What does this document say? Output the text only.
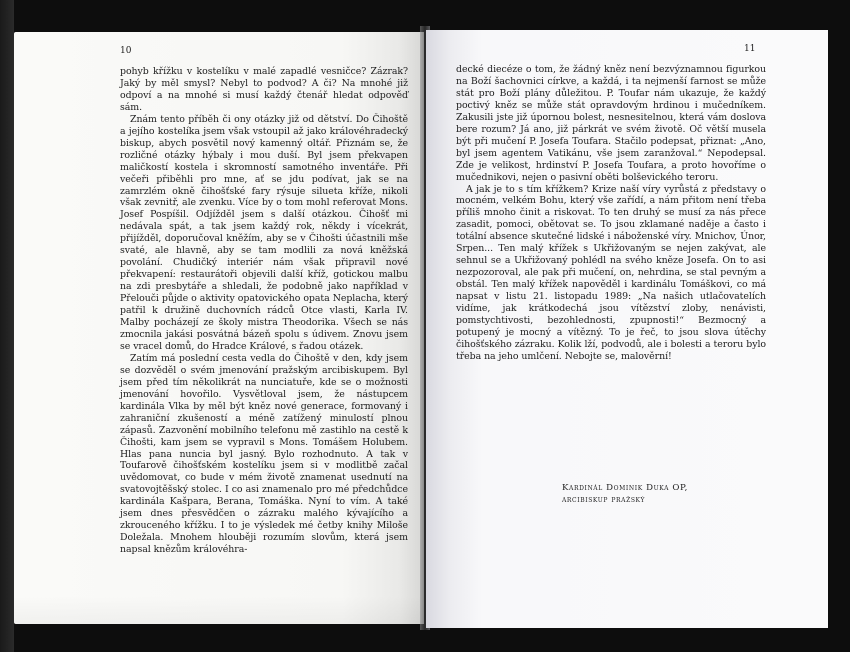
10

pohyb křížku v kostelíku v malé zapadlé vesničce? Zázrak? Jaký by měl smysl? Nebyl to podvod? A či? Na mnohé již odpoví a na mnohé si musí každý čtenář hledat odpověď sám.

Znám tento příběh či ony otázky již od dětství. Do Čihoště a jejího kostelíka jsem však vstoupil až jako královéhradecký biskup, abych posvětil nový kamenný oltář. Přiznám se, že rozličné otázky hýbaly i mou duší. Byl jsem překvapen maličkostí kostela i skromností samotného inventáře. Při večeři přiběhli pro mne, ať se jdu podívat, jak se na zamrzlém okně čihošťské fary rýsuje silueta kříže, nikoli však zevnitř, ale zvenku. Více by o tom mohl referovat Mons. Josef Pospíšil. Odjížděl jsem s další otázkou. Čihošť mi nedávala spát, a tak jsem každý rok, někdy i vícekrát, přijížděl, doporučoval kněžím, aby se v Čihošti účastnili mše svaté, ale hlavně, aby se tam modlili za nová kněžská povolání. Chudičký interiér nám však připravil nové překvapení: restaurátoři objevili další kříž, gotickou malbu na zdi presbytáře a shledali, že podobně jako například v Přelouči půjde o aktivity opatovického opata Neplacha, který patřil k družině duchovních rádců Otce vlasti, Karla IV. Malby pocházejí ze školy mistra Theodorika. Všech se nás zmocnila jakási posvátná bázeň spolu s údivem. Znovu jsem se vracel domů, do Hradce Králové, s řadou otázek.

Zatím má poslední cesta vedla do Čihoště v den, kdy jsem se dozvěděl o svém jmenování pražským arcibiskupem. Byl jsem před tím několikrát na nunciatuře, kde se o možnosti jmenování hovořilo. Vysvětloval jsem, že nástupcem kardinála Vlka by měl být kněz nové generace, formovaný i zahraniční zkušeností a méně zatížený minulostí plnou zápasů. Zazvonění mobilního telefonu mě zastihlo na cestě k Čihošti, kam jsem se vypravil s Mons. Tomášem Holubem. Hlas pana nuncia byl jasný. Bylo rozhodnuto. A tak v Toufarově čihošťském kostelíku jsem si v modlitbě začal uvědomovat, co bude v mém životě znamenat usednutí na svatovojtěšský stolec. I co asi znamenalo pro mé předchůdce kardinála Kašpara, Berana, Tomáška. Nyní to vím. A také jsem dnes přesvědčen o zázraku malého kývajícího a zkrouceného křížku. I to je výsledek mé četby knihy Miloše Doležala. Mnohem hlouběji rozumím slovům, která jsem napsal knězům královéhra-

11

decké diecéze o tom, že žádný kněz není bezvýznamnou figurkou na Boží šachovnici církve, a každá, i ta nejmenší farnost se může stát pro Boží plány důležitou. P. Toufar nám ukazuje, že každý poctivý kněz se může stát opravdovým hrdinou i mučedníkem. Zakusili jste již úpornou bolest, nesnesitelnou, která vám doslova bere rozum? Já ano, již párkrát ve svém životě. Oč větší musela být při mučení P. Josefa Toufara. Stačilo podepsat, přiznat: „Ano, byl jsem agentem Vatikánu, vše jsem zaranžoval.“ Nepodepsal. Zde je velikost, hrdinství P. Josefa Toufara, a proto hovoříme o mučednikovi, nejen o pasivní oběti bolševického teroru.

A jak je to s tím křížkem? Krize naší víry vyrůstá z představy o mocném, velkém Bohu, který vše zařídí, a nám přitom není třeba příliš mnoho činit a riskovat. To ten druhý se musí za nás přece zasadit, pomoci, obětovat se. To jsou zklamané naděje a často i totální absence skutečné lidské i náboženské víry. Mnichov, Únor, Srpen... Ten malý křížek s Ukřižovaným se nejen zakývat, ale sehnul se a Ukřižovaný pohlédl na svého kněze Josefa. On to asi nezpozoroval, ale pak při mučení, on, nehrdina, se stal pevným a obstál. Ten malý křížek napověděl i kardinálu Tomáškovi, co má napsat v listu 21. listopadu 1989: „Na našich utlačovatelích vidíme, jak krátkodechá jsou vítězství zloby, nenávisti, pomstychtivosti, bezohlednosti, zpupnosti!“ Bezmocný a potupený je mocný a vítězný. To je řeč, to jsou slova útěchy čihošťského zázraku. Kolik lží, podvodů, ale i bolesti a teroru bylo třeba na jeho umlčení. Nebojte se, malověrní!

Kardinál Dominik Duka OP,
arcibiskup pražský
